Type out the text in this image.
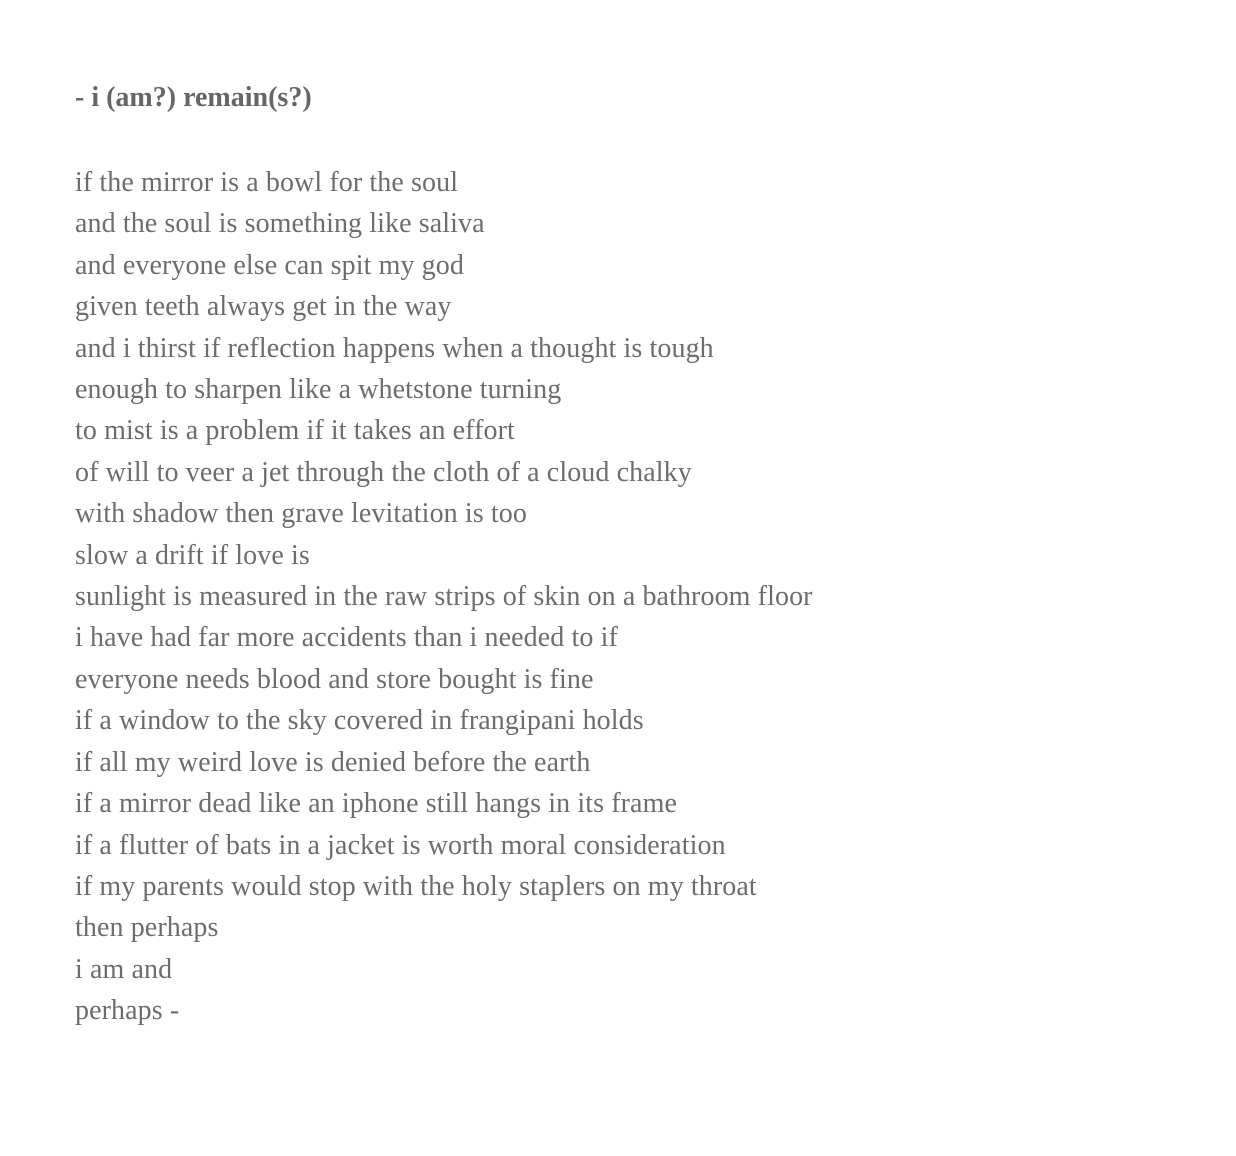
- i (am?) remain(s?)
if the mirror is a bowl for the soul
and the soul is something like saliva
and everyone else can spit my god
given teeth always get in the way
and i thirst if reflection happens when a thought is tough
enough to sharpen like a whetstone turning
to mist is a problem if it takes an effort
of will to veer a jet through the cloth of a cloud chalky
with shadow then grave levitation is too
slow a drift if love is
sunlight is measured in the raw strips of skin on a bathroom floor
i have had far more accidents than i needed to if
everyone needs blood and store bought is fine
if a window to the sky covered in frangipani holds
if all my weird love is denied before the earth
if a mirror dead like an iphone still hangs in its frame
if a flutter of bats in a jacket is worth moral consideration
if my parents would stop with the holy staplers on my throat
then perhaps
i am and
perhaps -
